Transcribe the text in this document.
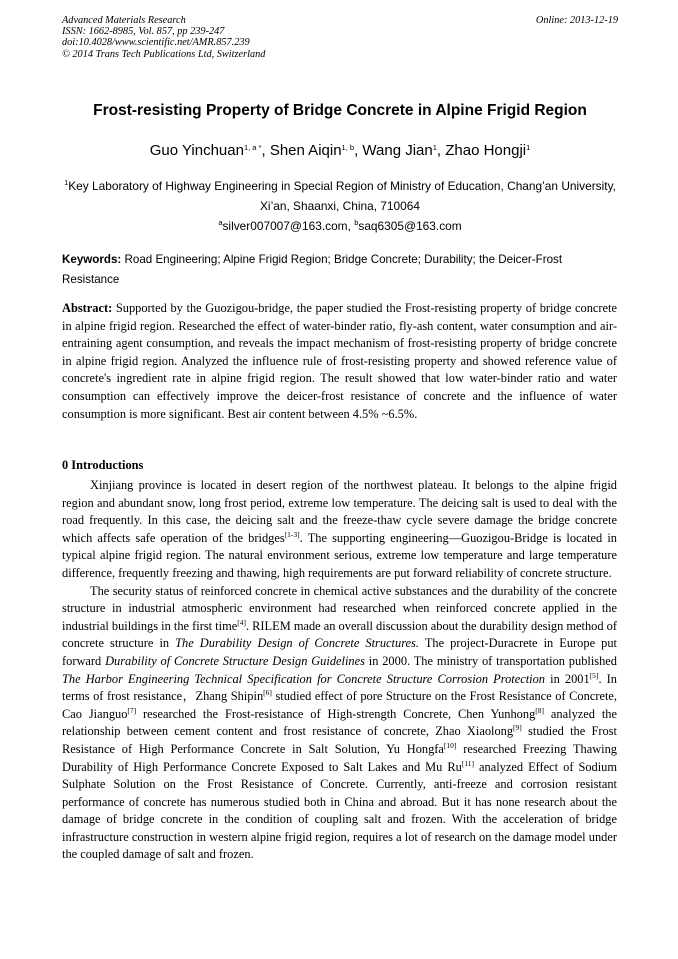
Advanced Materials Research
ISSN: 1662-8985, Vol. 857, pp 239-247
doi:10.4028/www.scientific.net/AMR.857.239
© 2014 Trans Tech Publications Ltd, Switzerland
Online: 2013-12-19
Frost-resisting Property of Bridge Concrete in Alpine Frigid Region
Guo Yinchuan$^{1, a *}$, Shen Aiqin$^{1, b}$, Wang Jian$^1$, Zhao Hongji$^1$
$^1$Key Laboratory of Highway Engineering in Special Region of Ministry of Education, Chang’an University, Xi’an, Shaanxi, China, 710064
$^a$silver007007@163.com, $^b$saq6305@163.com
Keywords: Road Engineering; Alpine Frigid Region; Bridge Concrete; Durability; the Deicer-Frost Resistance
Abstract: Supported by the Guozigou-bridge, the paper studied the Frost-resisting property of bridge concrete in alpine frigid region. Researched the effect of water-binder ratio, fly-ash content, water consumption and air-entraining agent consumption, and reveals the impact mechanism of frost-resisting property of bridge concrete in alpine frigid region. Analyzed the influence rule of frost-resisting property and showed reference value of concrete's ingredient rate in alpine frigid region. The result showed that low water-binder ratio and water consumption can effectively improve the deicer-frost resistance of concrete and the influence of water consumption is more significant. Best air content between 4.5% ~6.5%.
0 Introductions

Xinjiang province is located in desert region of the northwest plateau. It belongs to the alpine frigid region and abundant snow, long frost period, extreme low temperature. The deicing salt is used to deal with the road frequently. In this case, the deicing salt and the freeze-thaw cycle severe damage the bridge concrete which affects safe operation of the bridges[1-3]. The supporting engineering—Guozigou-Bridge is located in typical alpine frigid region. The natural environment serious, extreme low temperature and large temperature difference, frequently freezing and thawing, high requirements are put forward reliability of concrete structure.

The security status of reinforced concrete in chemical active substances and the durability of the concrete structure in industrial atmospheric environment had researched when reinforced concrete applied in the industrial buildings in the first time[4]. RILEM made an overall discussion about the durability design method of concrete structure in The Durability Design of Concrete Structures. The project-Duracrete in Europe put forward Durability of Concrete Structure Design Guidelines in 2000. The ministry of transportation published The Harbor Engineering Technical Specification for Concrete Structure Corrosion Protection in 2001[5]. In terms of frost resistance，Zhang Shipin[6] studied effect of pore Structure on the Frost Resistance of Concrete, Cao Jianguo[7] researched the Frost-resistance of High-strength Concrete, Chen Yunhong[8] analyzed the relationship between cement content and frost resistance of concrete, Zhao Xiaolong[9] studied the Frost Resistance of High Performance Concrete in Salt Solution, Yu Hongfa[10] researched Freezing Thawing Durability of High Performance Concrete Exposed to Salt Lakes and Mu Ru[11] analyzed Effect of Sodium Sulphate Solution on the Frost Resistance of Concrete. Currently, anti-freeze and corrosion resistant performance of concrete has numerous studied both in China and abroad. But it has none research about the damage of bridge concrete in the condition of coupling salt and frozen. With the acceleration of bridge infrastructure construction in western alpine frigid region, requires a lot of research on the damage model under the coupled damage of salt and frozen.
